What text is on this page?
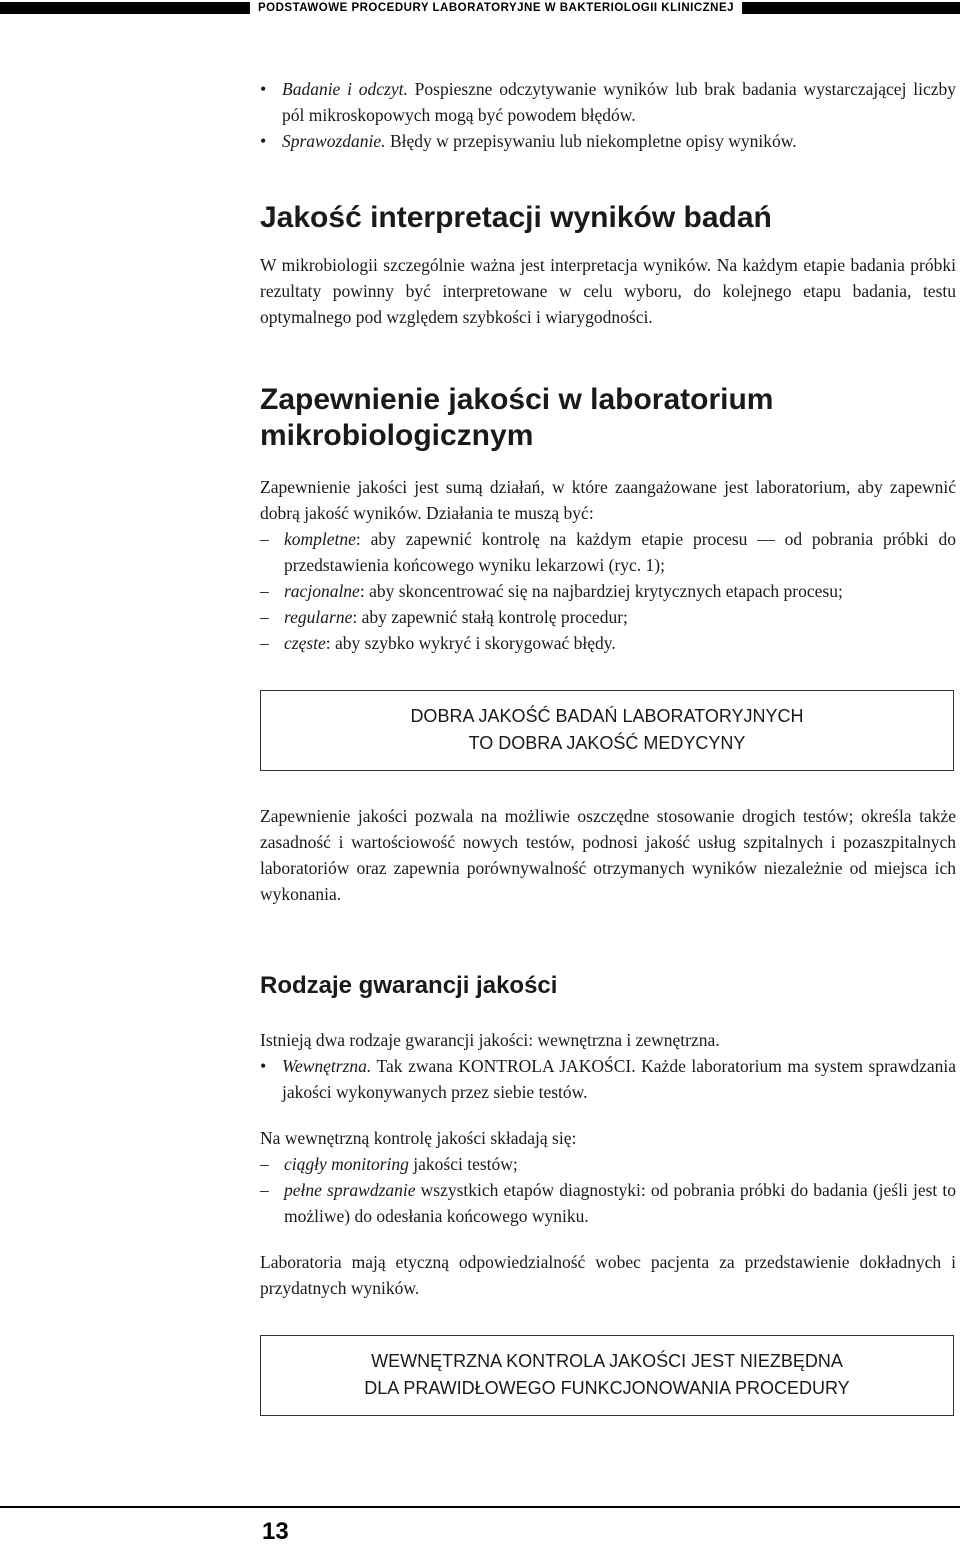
PODSTAWOWE PROCEDURY LABORATORYJNE W BAKTERIOLOGII KLINICZNEJ
• Badanie i odczyt. Pospieszne odczytywanie wyników lub brak badania wystarczającej liczby pól mikroskopowych mogą być powodem błędów.
• Sprawozdanie. Błędy w przepisywaniu lub niekompletne opisy wyników.
Jakość interpretacji wyników badań

W mikrobiologii szczególnie ważna jest interpretacja wyników. Na każdym etapie badania próbki rezultaty powinny być interpretowane w celu wyboru, do kolejnego etapu badania, testu optymalnego pod względem szybkości i wiarygodności.

Zapewnienie jakości w laboratorium
mikrobiologicznym

Zapewnienie jakości jest sumą działań, w które zaangażowane jest laboratorium, aby zapewnić dobrą jakość wyników. Działania te muszą być:

– kompletne: aby zapewnić kontrolę na każdym etapie procesu — od pobrania próbki do przedstawienia końcowego wyniku lekarzowi (ryc. 1);
– racjonalne: aby skoncentrować się na najbardziej krytycznych etapach procesu;
– regularne: aby zapewnić stałą kontrolę procedur;
– częste: aby szybko wykryć i skorygować błędy.
DOBRA JAKOŚĆ BADAŃ LABORATORYJNYCH
TO DOBRA JAKOŚĆ MEDYCYNY

Zapewnienie jakości pozwala na możliwie oszczędne stosowanie drogich testów; określa także zasadność i wartościowość nowych testów, podnosi jakość usług szpitalnych i pozaszpitalnych laboratoriów oraz zapewnia porównywalność otrzymanych wyników niezależnie od miejsca ich wykonania.

Rodzaje gwarancji jakości

Istnieją dwa rodzaje gwarancji jakości: wewnętrzna i zewnętrzna.

• Wewnętrzna. Tak zwana KONTROLA JAKOŚCI. Każde laboratorium ma system sprawdzania jakości wykonywanych przez siebie testów.

Na wewnętrzną kontrolę jakości składają się:

– ciągły monitoring jakości testów;
– pełne sprawdzanie wszystkich etapów diagnostyki: od pobrania próbki do badania (jeśli jest to możliwe) do odesłania końcowego wyniku.

Laboratoria mają etyczną odpowiedzialność wobec pacjenta za przedstawienie dokładnych i przydatnych wyników.

WEWNĘTRZNA KONTROLA JAKOŚCI JEST NIEZBĘDNA
DLA PRAWIDŁOWEGO FUNKCJONOWANIA PROCEDURY
13
